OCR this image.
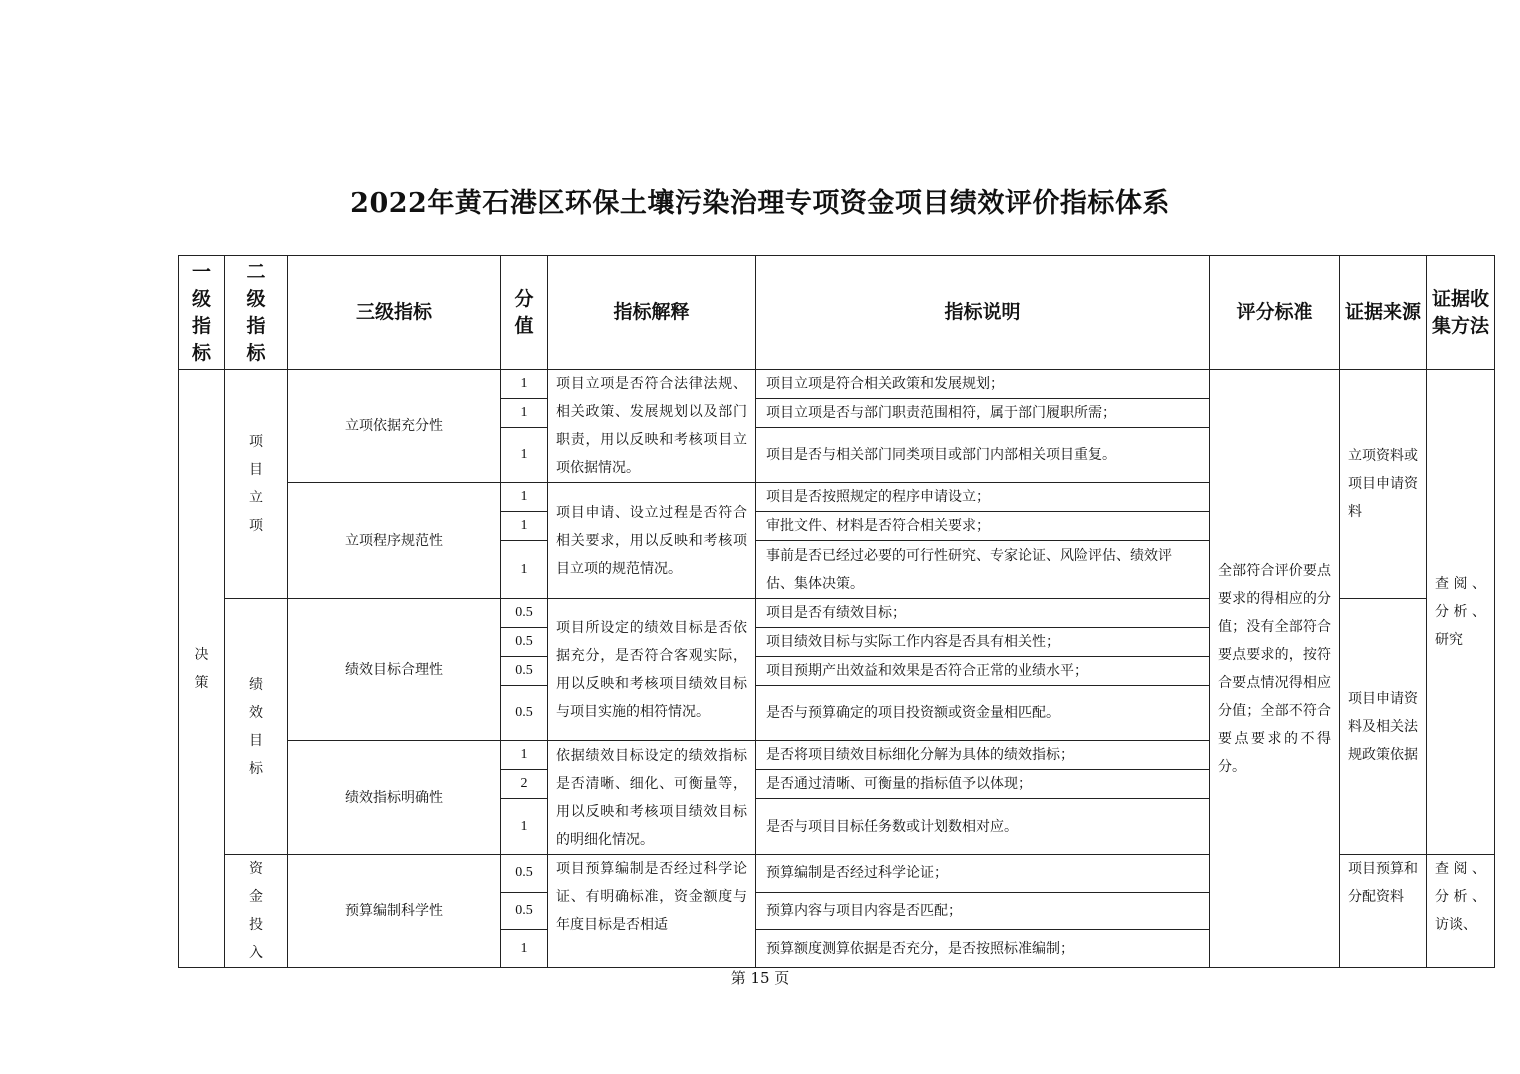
2022年黄石港区环保土壤污染治理专项资金项目绩效评价指标体系
一级指标	二级指标	三级指标	分值	指标解释	指标说明	评分标准	证据来源	证据收集方法

决策	项目立项	立项依据充分性	1	项目立项是否符合法律法规、相关政策、发展规划以及部门职责，用以反映和考核项目立项依据情况。	项目立项是符合相关政策和发展规划；	全部符合评价要点要求的得相应的分值；没有全部符合要点要求的，按符合要点情况得相应分值；全部不符合要点要求的不得分。	立项资料或项目申请资料	查阅、分析、研究
			1		项目立项是否与部门职责范围相符，属于部门履职所需；			
			1		项目是否与相关部门同类项目或部门内部相关项目重复。			
		立项程序规范性	1	项目申请、设立过程是否符合相关要求，用以反映和考核项目立项的规范情况。	项目是否按照规定的程序申请设立；			
			1		审批文件、材料是否符合相关要求；			
			1		事前是否已经过必要的可行性研究、专家论证、风险评估、绩效评估、集体决策。			

	绩效目标	绩效目标合理性	0.5	项目所设定的绩效目标是否依据充分，是否符合客观实际，用以反映和考核项目绩效目标与项目实施的相符情况。	项目是否有绩效目标；		项目申请资料及相关法规政策依据	
			0.5		项目绩效目标与实际工作内容是否具有相关性；			
			0.5		项目预期产出效益和效果是否符合正常的业绩水平；			
			0.5		是否与预算确定的项目投资额或资金量相匹配。			
		绩效指标明确性	1	依据绩效目标设定的绩效指标是否清晰、细化、可衡量等，用以反映和考核项目绩效目标的明细化情况。	是否将项目绩效目标细化分解为具体的绩效指标；			
			2		是否通过清晰、可衡量的指标值予以体现；			
			1		是否与项目目标任务数或计划数相对应。			

	资金投入	预算编制科学性	0.5	项目预算编制是否经过科学论证、有明确标准，资金额度与年度目标是否相适	预算编制是否经过科学论证；		项目预算和分配资料	查阅、分析、访谈、
			0.5		预算内容与项目内容是否匹配；			
			1		预算额度测算依据是否充分，是否按照标准编制；			
第 15 页
